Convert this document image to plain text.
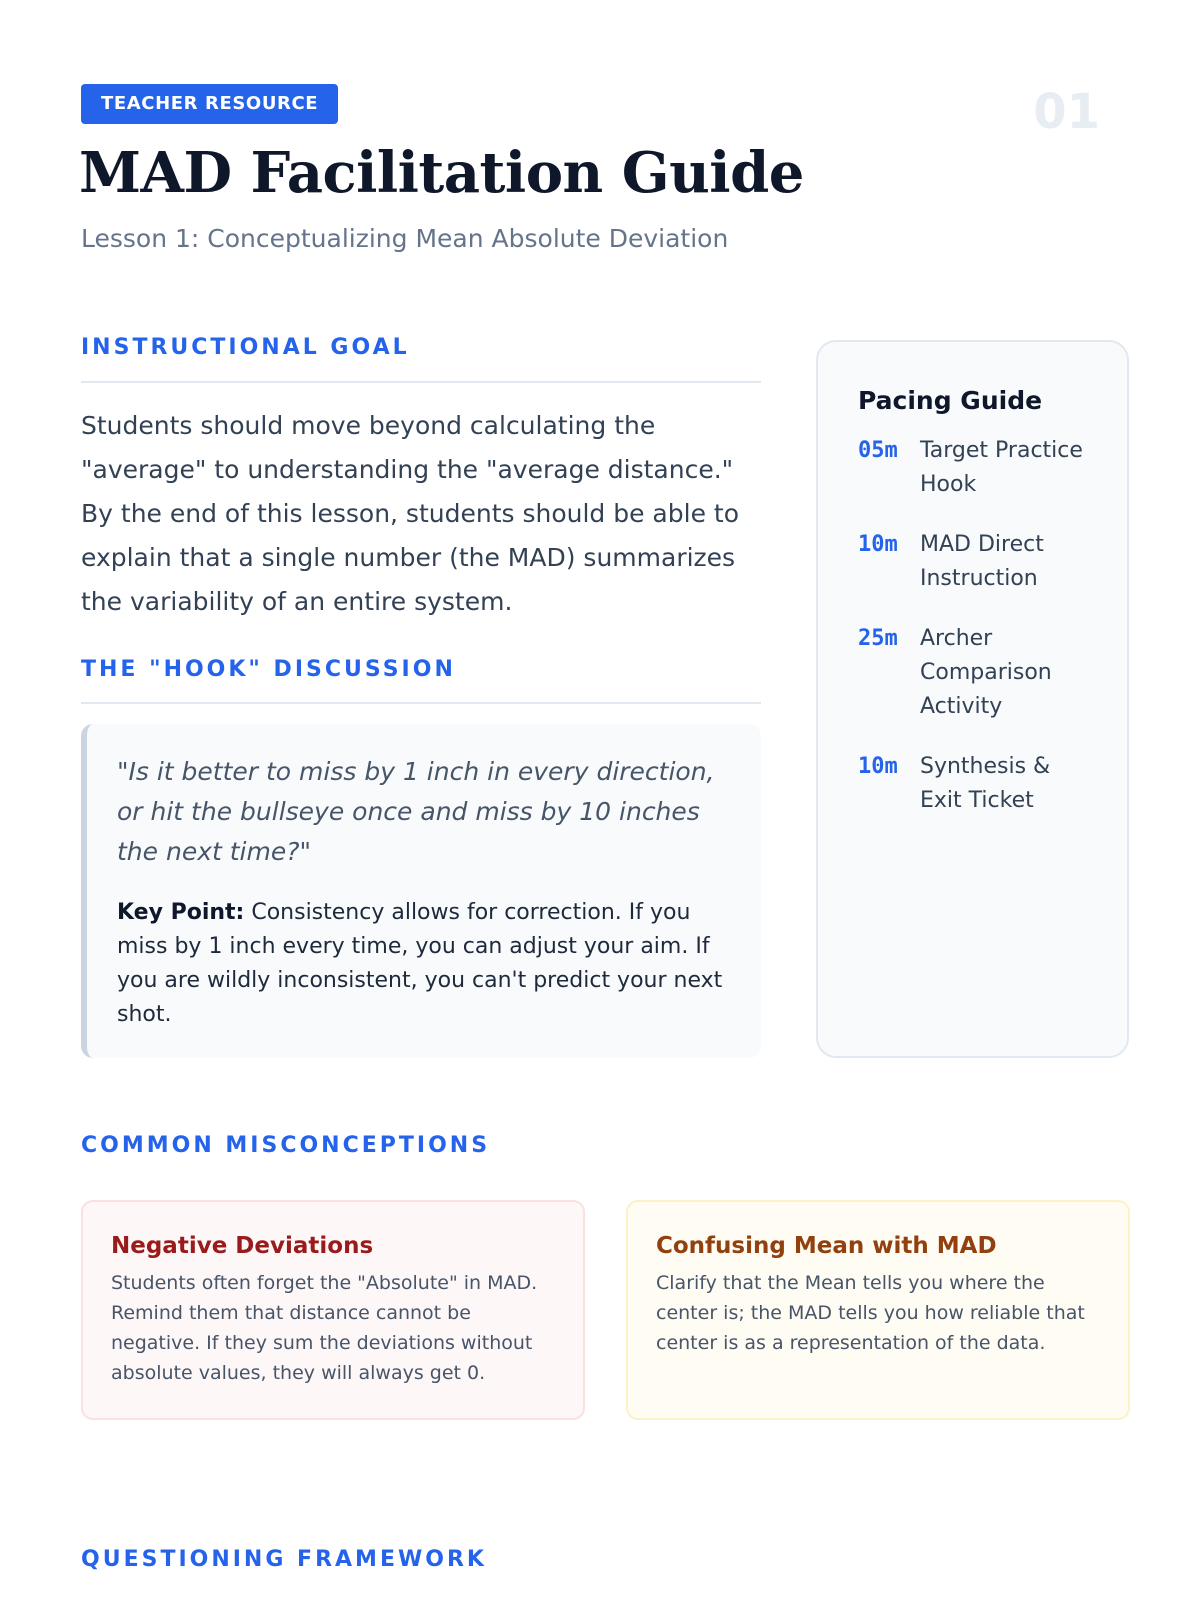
TEACHER RESOURCE	01
MAD Facilitation Guide
Lesson 1: Conceptualizing Mean Absolute Deviation
INSTRUCTIONAL GOAL

Students should move beyond calculating the "average" to understanding the "average distance." By the end of this lesson, students should be able to explain that a single number (the MAD) summarizes the variability of an entire system.

THE "HOOK" DISCUSSION

"Is it better to miss by 1 inch in every direction, or hit the bullseye once and miss by 10 inches the next time?"

Key Point: Consistency allows for correction. If you miss by 1 inch every time, you can adjust your aim. If you are wildly inconsistent, you can't predict your next shot.

Pacing Guide
05m	Target Practice Hook
10m	MAD Direct Instruction
25m	Archer Comparison Activity
10m	Synthesis & Exit Ticket
COMMON MISCONCEPTIONS
Negative Deviations

Students often forget the "Absolute" in MAD. Remind them that distance cannot be negative. If they sum the deviations without absolute values, they will always get 0.

Confusing Mean with MAD

Clarify that the Mean tells you where the center is; the MAD tells you how reliable that center is as a representation of the data.

QUESTIONING FRAMEWORK
